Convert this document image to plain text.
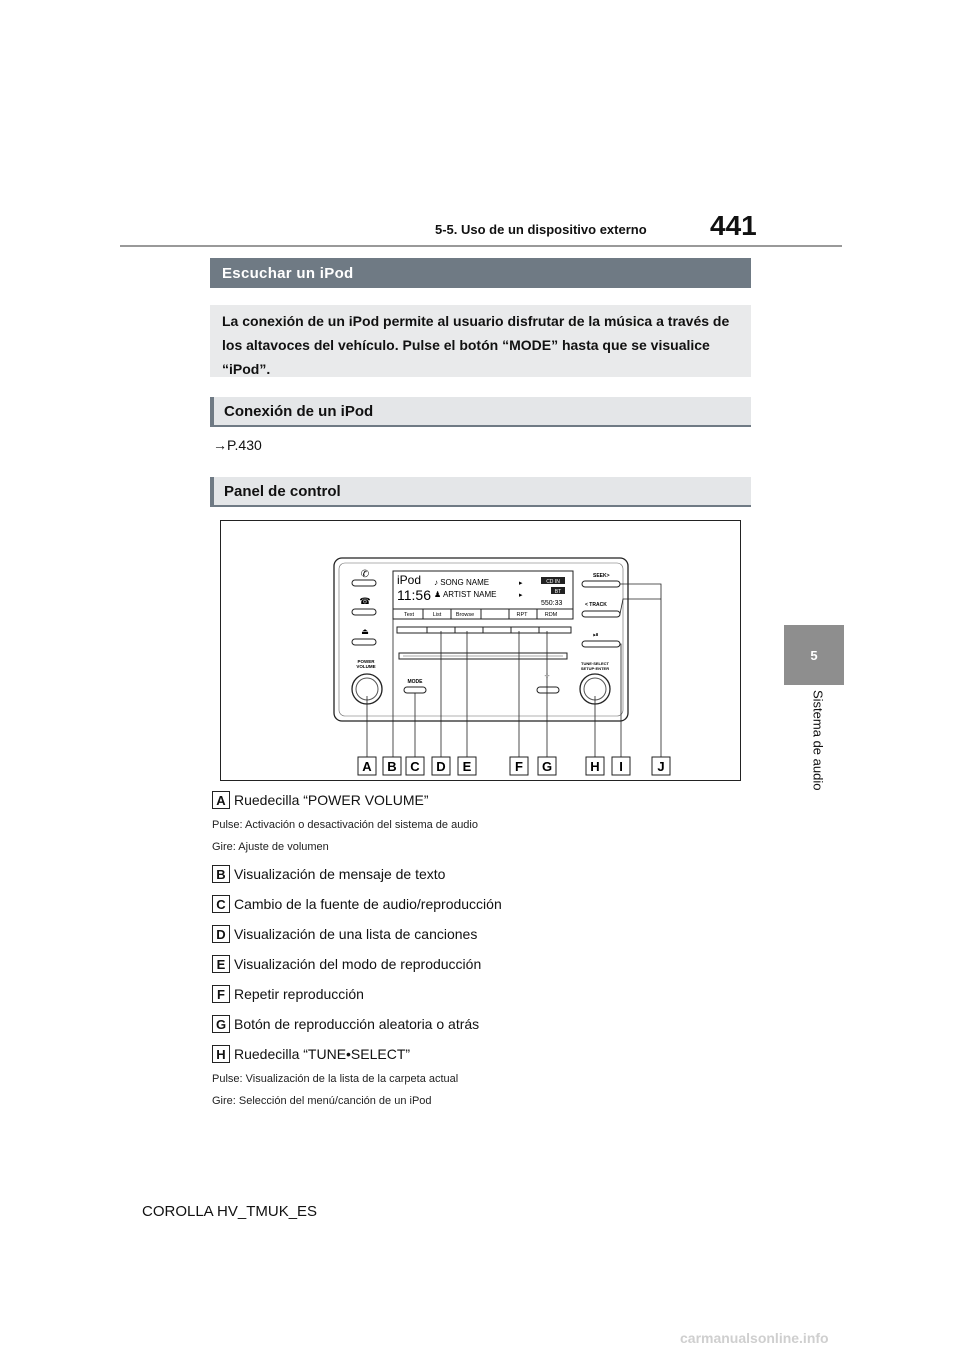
441
5-5. Uso de un dispositivo externo
5
Sistema de audio
Escuchar un iPod
La conexión de un iPod permite al usuario disfrutar de la música a través de los altavoces del vehículo. Pulse el botón “MODE” hasta que se visualice “iPod”.
Conexión de un iPod
→P.430
Panel de control
✆
☎
⏏
POWER VOLUME
iPod
11:56
♪ SONG NAME
♟ ARTIST NAME
▸
▸
CD IN
BT
550:33
Text	List	Browse	RPT	RDM
MODE
⁘
SEEK>
< TRACK
⏯
TUNE·SELECT SETUP·ENTER
A B C D E	F G	H I	J
A Ruedecilla “POWER VOLUME”
Pulse: Activación o desactivación del sistema de audio
Gire: Ajuste de volumen
B Visualización de mensaje de texto
C Cambio de la fuente de audio/reproducción
D Visualización de una lista de canciones
E Visualización del modo de reproducción
F Repetir reproducción
G Botón de reproducción aleatoria o atrás
H Ruedecilla “TUNE•SELECT”
Pulse: Visualización de la lista de la carpeta actual
Gire: Selección del menú/canción de un iPod
COROLLA HV_TMUK_ES
carmanualsonline.info
